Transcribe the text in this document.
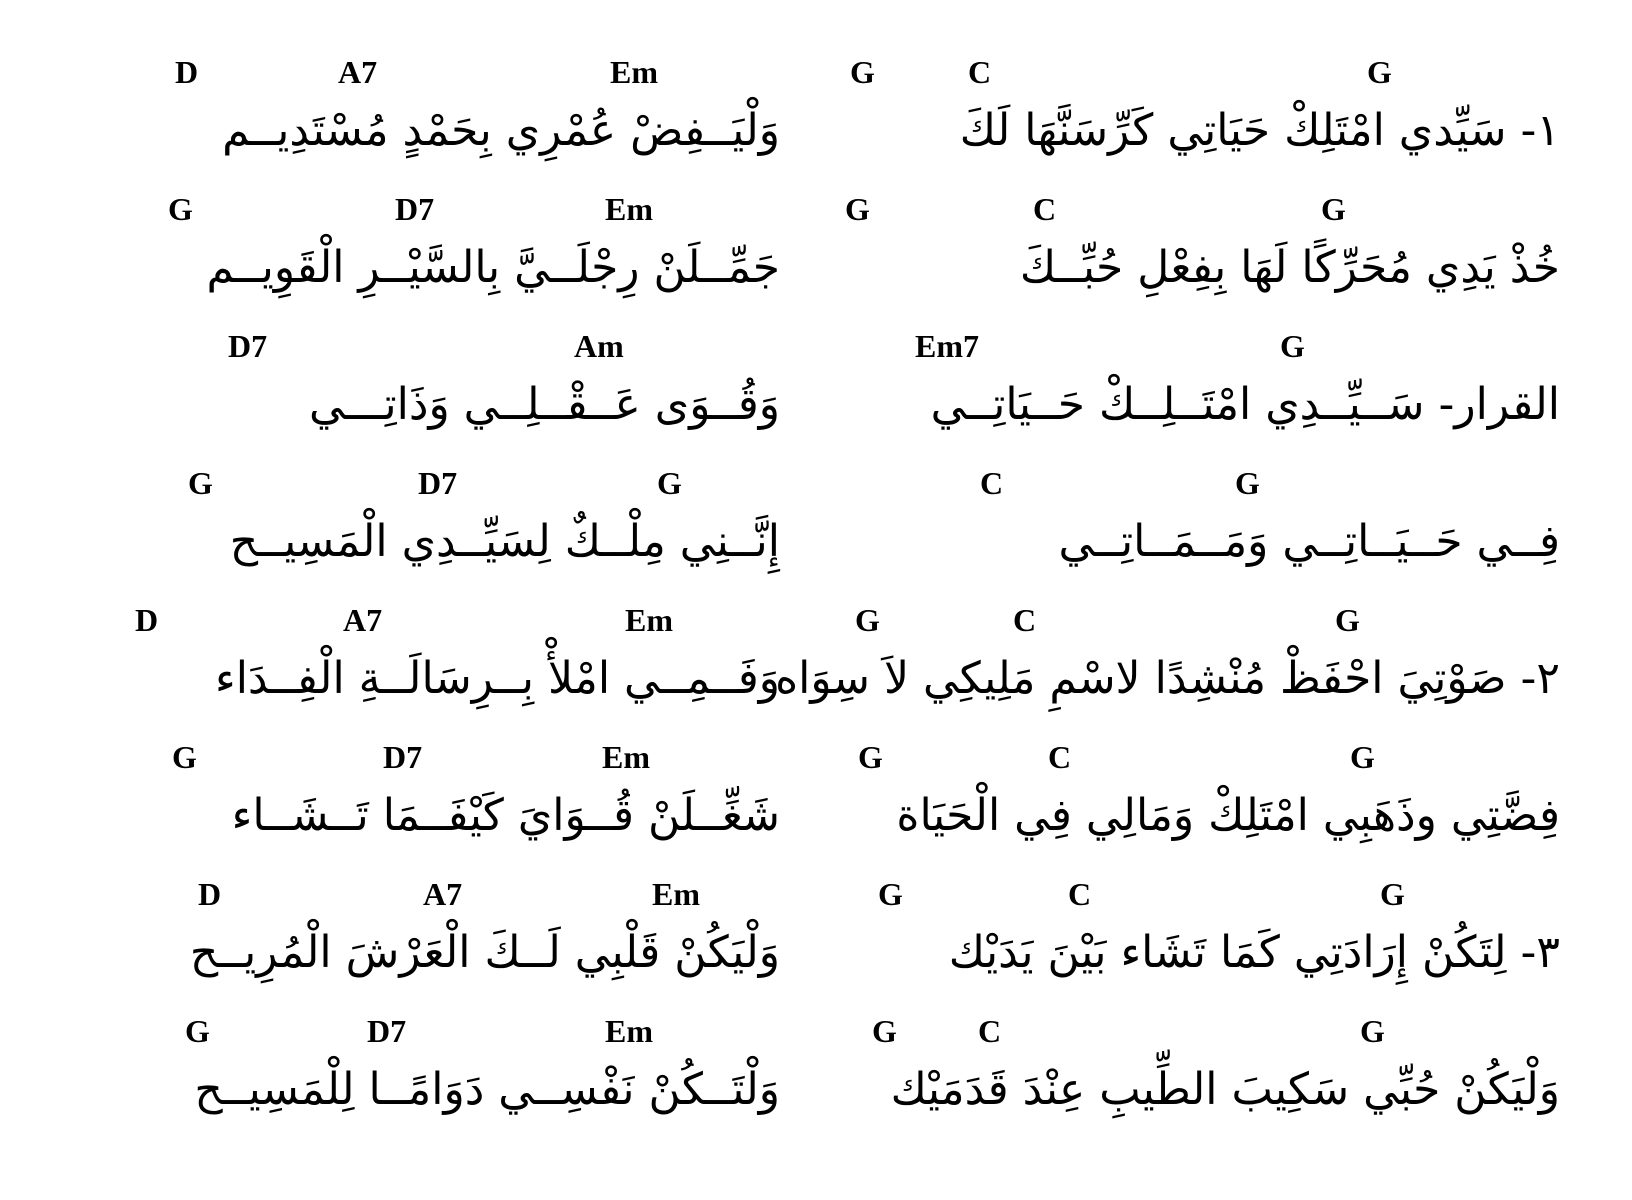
D	A7	Em
وَلْيَــفِضْ عُمْرِي بِحَمْدٍ مُسْتَدِيــم
G	D7	Em
جَمِّــلَنْ رِجْلَــيَّ بِالسَّيْــرِ الْقَوِيــم
D7	Am
وَقُــوَى عَــقْــلِــي وَذَاتِـــي
G	D7	G
إِنَّــنِي مِلْــكٌ لِسَيِّــدِي الْمَسِيــح
D	A7	Em
وَفَــمِــي امْلأْ بِــرِسَالَــةِ الْفِــدَاء
G	D7	Em
شَغِّــلَنْ قُــوَايَ كَيْفَــمَا تَــشَــاء
D	A7	Em
وَلْيَكُنْ قَلْبِي لَــكَ الْعَرْشَ الْمُرِيــح
G	D7	Em
وَلْتَــكُنْ نَفْسِــي دَوَامًــا لِلْمَسِيــح
G	C	G
١- سَيِّدي امْتَلِكْ حَيَاتِي كَرِّسَنَّهَا لَكَ
G	C	G
خُذْ يَدِي مُحَرِّكًا لَهَا بِفِعْلِ حُبِّــكَ
Em7	G
القرار- سَــيِّــدِي امْتَــلِــكْ حَــيَاتِــي
C	G
فِــي حَــيَــاتِــي وَمَــمَــاتِــي
G	C	G
٢- صَوْتِيَ احْفَظْ مُنْشِدًا لاسْمِ مَلِيكِي لاَ سِوَاه
G	C	G
فِضَّتِي وذَهَبِي امْتَلِكْ وَمَالِي فِي الْحَيَاة
G	C	G
٣- لِتَكُنْ إِرَادَتِي كَمَا تَشَاء بَيْنَ يَدَيْك
G	C	G
وَلْيَكُنْ حُبِّي سَكِيبَ الطِّيبِ عِنْدَ قَدَمَيْك
